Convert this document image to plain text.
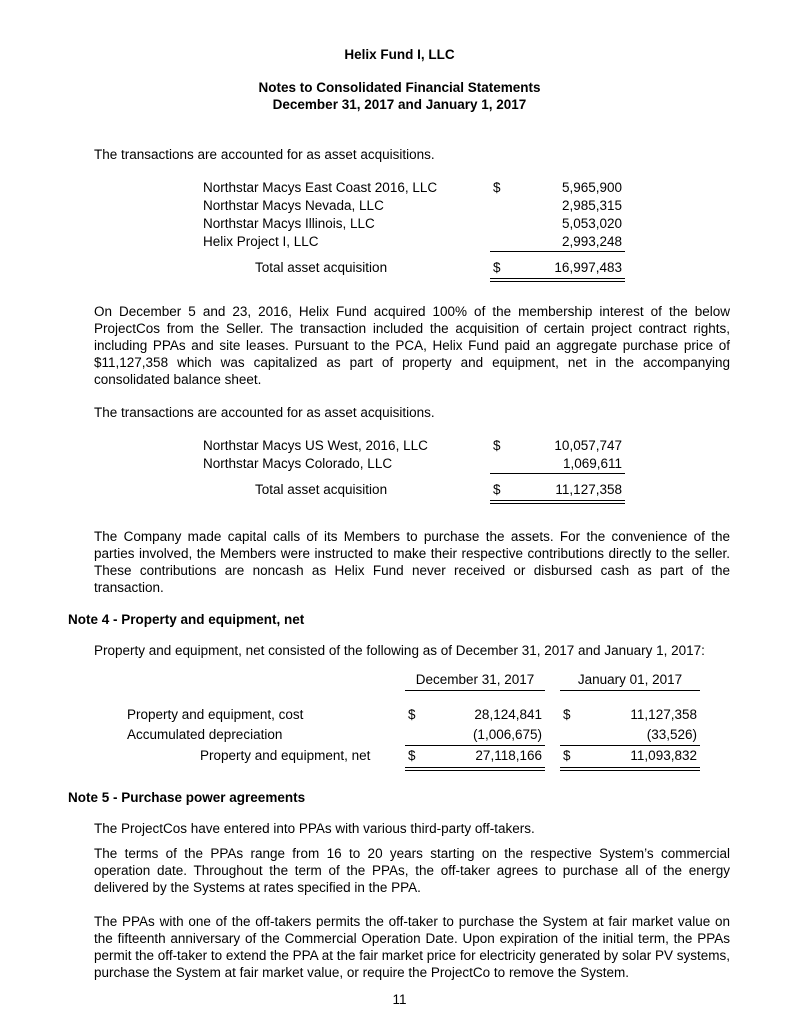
Helix Fund I, LLC
Notes to Consolidated Financial Statements
December 31, 2017 and January 1, 2017

The transactions are accounted for as asset acquisitions.

Northstar Macys East Coast 2016, LLC	$	5,965,900
Northstar Macys Nevada, LLC	2,985,315
Northstar Macys Illinois, LLC	5,053,020
Helix Project I, LLC	2,993,248
Total asset acquisition	$	16,997,483

On December 5 and 23, 2016, Helix Fund acquired 100% of the membership interest of the below ProjectCos from the Seller. The transaction included the acquisition of certain project contract rights, including PPAs and site leases. Pursuant to the PCA, Helix Fund paid an aggregate purchase price of $11,127,358 which was capitalized as part of property and equipment, net in the accompanying consolidated balance sheet.

The transactions are accounted for as asset acquisitions.

Northstar Macys US West, 2016, LLC	$	10,057,747
Northstar Macys Colorado, LLC	1,069,611
Total asset acquisition	$	11,127,358

The Company made capital calls of its Members to purchase the assets. For the convenience of the parties involved, the Members were instructed to make their respective contributions directly to the seller. These contributions are noncash as Helix Fund never received or disbursed cash as part of the transaction.

Note 4 - Property and equipment, net

Property and equipment, net consisted of the following as of December 31, 2017 and January 1, 2017:

December 31, 2017	January 01, 2017
Property and equipment, cost	$	28,124,841 $	11,127,358
Accumulated depreciation	(1,006,675)	(33,526)
Property and equipment, net	$	27,118,166 $	11,093,832
Note 5 - Purchase power agreements

The ProjectCos have entered into PPAs with various third-party off-takers.

The terms of the PPAs range from 16 to 20 years starting on the respective System’s commercial operation date. Throughout the term of the PPAs, the off-taker agrees to purchase all of the energy delivered by the Systems at rates specified in the PPA.

The PPAs with one of the off-takers permits the off-taker to purchase the System at fair market value on the fifteenth anniversary of the Commercial Operation Date. Upon expiration of the initial term, the PPAs permit the off-taker to extend the PPA at the fair market price for electricity generated by solar PV systems, purchase the System at fair market value, or require the ProjectCo to remove the System.

11
